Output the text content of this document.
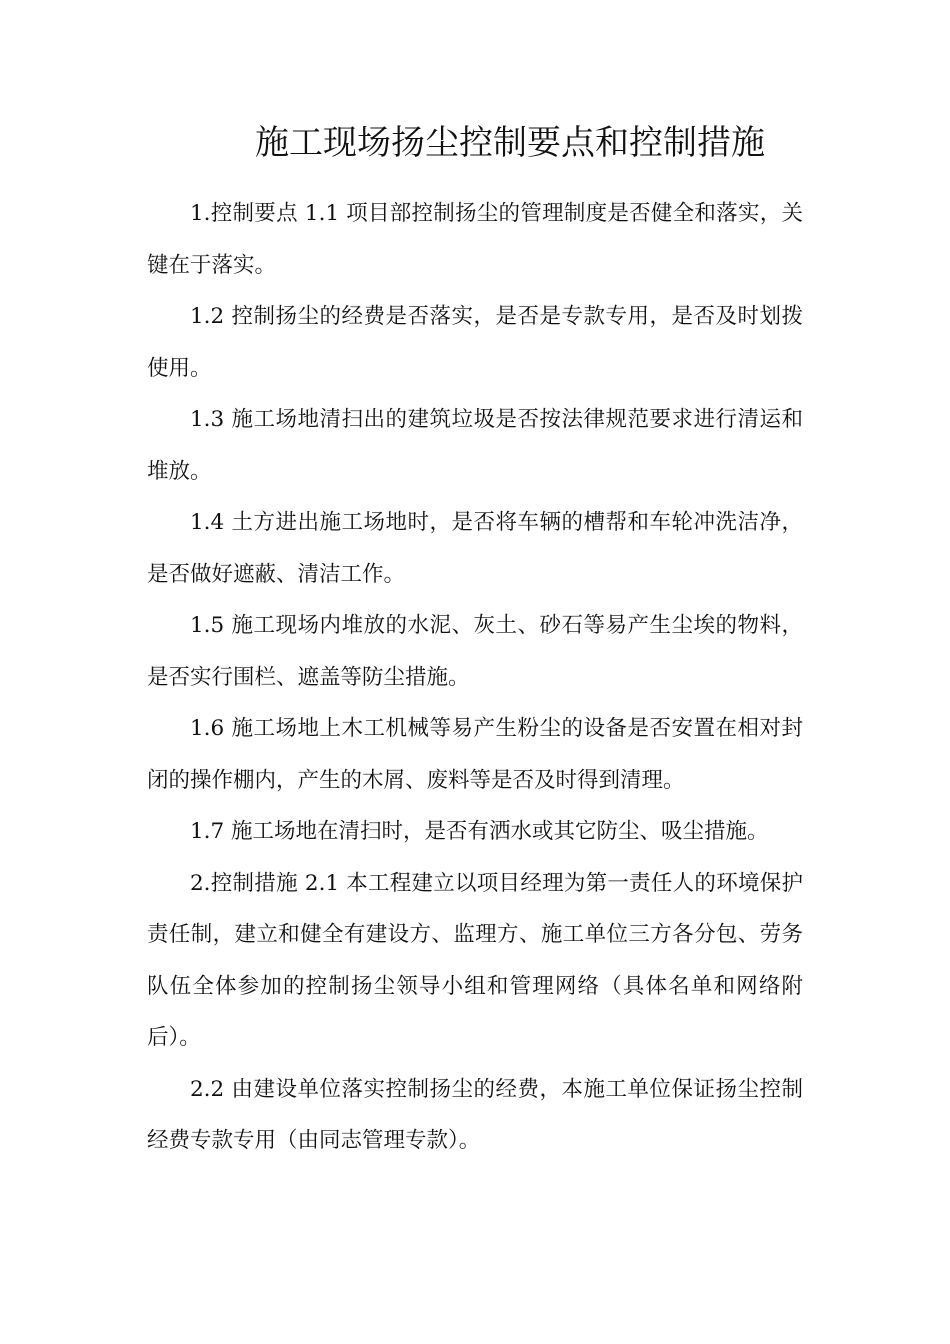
施工现场扬尘控制要点和控制措施

1.控制要点 1.1 项目部控制扬尘的管理制度是否健全和落实，关键在于落实。

1.2 控制扬尘的经费是否落实，是否是专款专用，是否及时划拨使用。

1.3 施工场地清扫出的建筑垃圾是否按法律规范要求进行清运和堆放。

1.4 土方进出施工场地时，是否将车辆的槽帮和车轮冲洗洁净，是否做好遮蔽、清洁工作。

1.5 施工现场内堆放的水泥、灰土、砂石等易产生尘埃的物料，是否实行围栏、遮盖等防尘措施。

1.6 施工场地上木工机械等易产生粉尘的设备是否安置在相对封闭的操作棚内，产生的木屑、废料等是否及时得到清理。

1.7 施工场地在清扫时，是否有洒水或其它防尘、吸尘措施。

2.控制措施 2.1 本工程建立以项目经理为第一责任人的环境保护责任制，建立和健全有建设方、监理方、施工单位三方各分包、劳务队伍全体参加的控制扬尘领导小组和管理网络（具体名单和网络附后）。

2.2 由建设单位落实控制扬尘的经费，本施工单位保证扬尘控制经费专款专用（由同志管理专款）。
